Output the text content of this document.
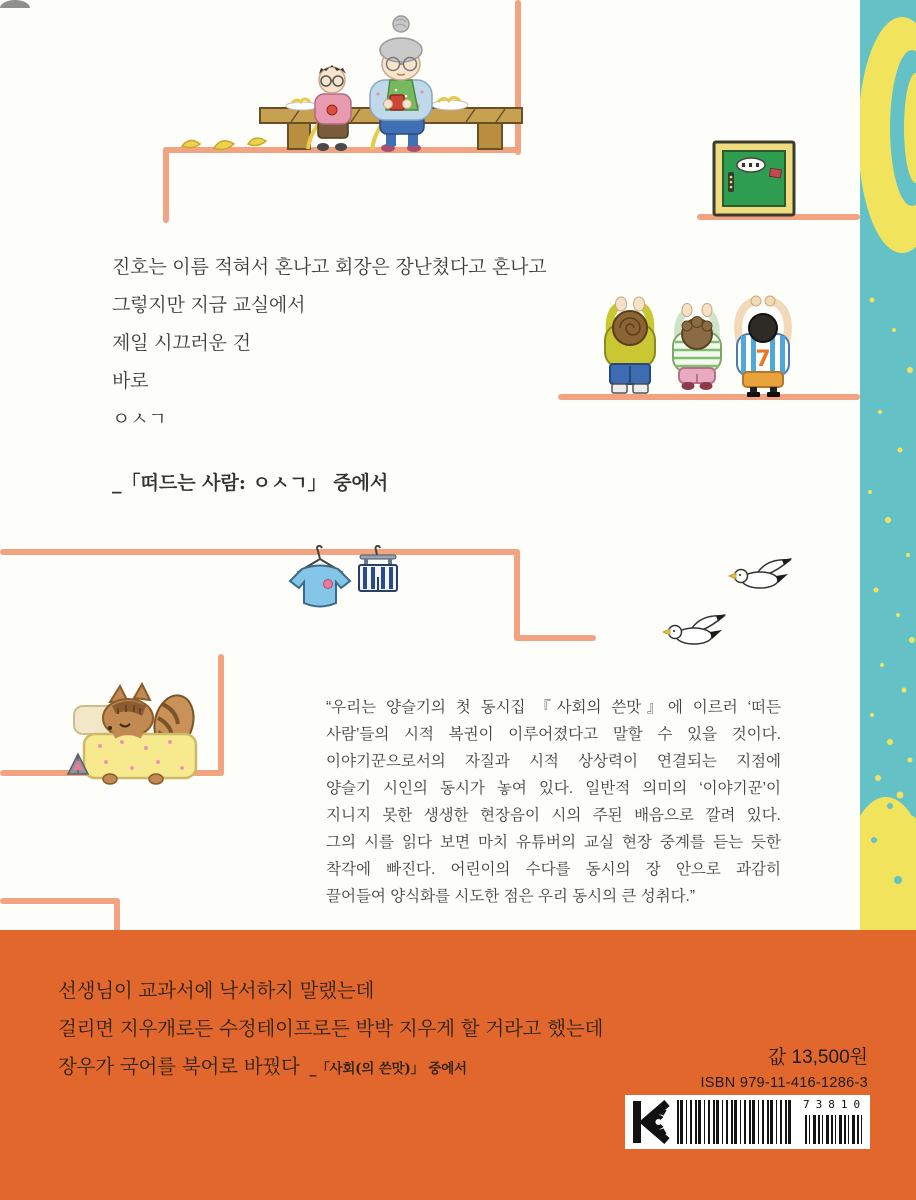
7
진호는 이름 적혀서 혼나고 회장은 장난쳤다고 혼나고
그렇지만 지금 교실에서
제일 시끄러운 건
바로
ㅇㅅㄱ
_「떠드는 사람: ㅇㅅㄱ」 중에서
“우리는 양슬기의 첫 동시집 『사회의 쓴맛』에 이르러 ‘떠든
사람’들의 시적 복권이 이루어졌다고 말할 수 있을 것이다.
이야기꾼으로서의 자질과 시적 상상력이 연결되는 지점에
양슬기 시인의 동시가 놓여 있다. 일반적 의미의 ‘이야기꾼’이
지니지 못한 생생한 현장음이 시의 주된 배음으로 깔려 있다.
그의 시를 읽다 보면 마치 유튜버의 교실 현장 중계를 듣는 듯한
착각에 빠진다. 어린이의 수다를 동시의 장 안으로 과감히
끌어들여 양식화를 시도한 점은 우리 동시의 큰 성취다.”
선생님이 교과서에 낙서하지 말랬는데
걸리면 지우개로든 수정테이프로든 박박 지우게 할 거라고 했는데
장우가 국어를 북어로 바꿨다 _「사회(의 쓴맛)」 중에서
값 13,500원
ISBN 979-11-416-1286-3
73810
